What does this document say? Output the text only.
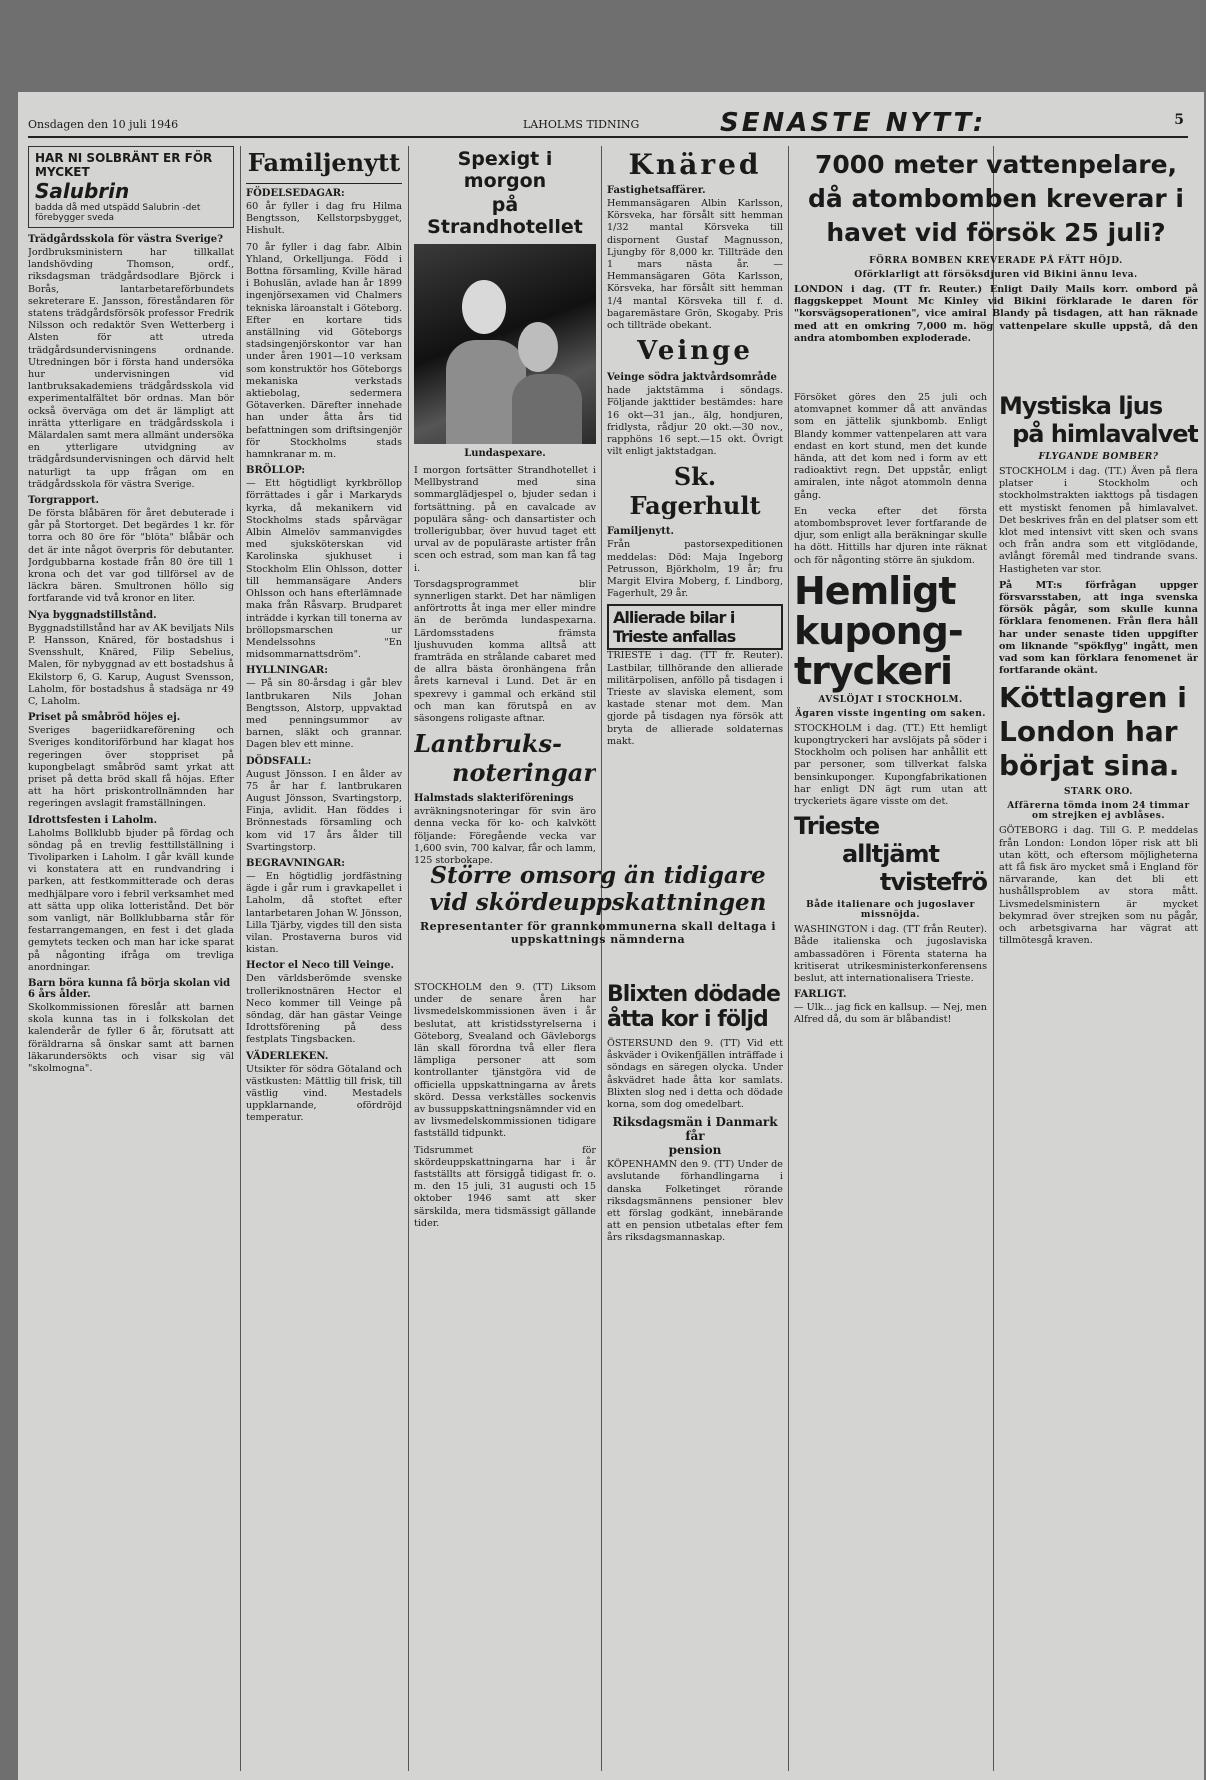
Onsdagen den 10 juli 1946	LAHOLMS TIDNING	SENASTE NYTT:	5
HAR NI SOLBRÄNT ER FÖR MYCKET
Salubrin
badda då med utspädd Salubrin -det förebygger sveda
Trädgårdsskola för västra Sverige?

Jordbruksministern har tillkallat landshövding Thomson, ordf., riksdagsman trädgårdsodlare Björck i Borås, lantarbetareförbundets sekreterare E. Jansson, föreståndaren för statens trädgårdsförsök professor Fredrik Nilsson och redaktör Sven Wetterberg i Alsten för att utreda trädgårdsundervisningens ordnande. Utredningen bör i första hand undersöka hur undervisningen vid lantbruksakademiens trädgårdsskola vid experimentalfältet bör ordnas. Man bör också överväga om det är lämpligt att inrätta ytterligare en trädgårdsskola i Mälardalen samt mera allmänt undersöka en ytterligare utvidgning av trädgårdsundervisningen och därvid helt naturligt ta upp frågan om en trädgårdsskola för västra Sverige.

Torgrapport.

De första blåbären för året debuterade i går på Stortorget. Det begärdes 1 kr. för torra och 80 öre för "blöta" blåbär och det är inte något överpris för debutanter. Jordgubbarna kostade från 80 öre till 1 krona och det var god tillförsel av de läckra bären. Smultronen höllo sig fortfarande vid två kronor en liter.

Nya byggnadstillstånd.

Byggnadstillstånd har av AK beviljats Nils P. Hansson, Knäred, för bostadshus i Svensshult, Knäred, Filip Sebelius, Malen, för nybyggnad av ett bostadshus å Ekilstorp 6, G. Karup, August Svensson, Laholm, för bostadshus å stadsäga nr 49 C, Laholm.

Priset på småbröd höjes ej.

Sveriges bageriidkareförening och Sveriges konditoriförbund har klagat hos regeringen över stoppriset på kupongbelagt småbröd samt yrkat att priset på detta bröd skall få höjas. Efter att ha hört priskontrollnämnden har regeringen avslagit framställningen.

Idrottsfesten i Laholm.

Laholms Bollklubb bjuder på fördag och söndag på en trevlig festtillställning i Tivoliparken i Laholm. I går kväll kunde vi konstatera att en rundvandring i parken, att festkommitterade och deras medhjälpare voro i febril verksamhet med att sätta upp olika lotteristånd. Det bör som vanligt, när Bollklubbarna står för festarrangemangen, en fest i det glada gemytets tecken och man har icke sparat på någonting ifråga om trevliga anordningar.

Barn böra kunna få börja skolan vid 6 års ålder.

Skolkommissionen föreslår att barnen skola kunna tas in i folkskolan det kalenderår de fyller 6 år, förutsatt att föräldrarna så önskar samt att barnen läkarundersökts och visar sig väl "skolmogna".

Familjenytt
FÖDELSEDAGAR:

60 år fyller i dag fru Hilma Bengtsson, Kellstorpsbygget, Hishult.

70 år fyller i dag fabr. Albin Yhland, Orkelljunga. Född i Bottna församling, Kville härad i Bohuslän, avlade han år 1899 ingenjörsexamen vid Chalmers tekniska läroanstalt i Göteborg. Efter en kortare tids anställning vid Göteborgs stadsingenjörskontor var han under åren 1901—10 verksam som konstruktör hos Göteborgs mekaniska verkstads aktiebolag, sedermera Götaverken. Därefter innehade han under åtta års tid befattningen som driftsingenjör för Stockholms stads hamnkranar m. m.

BRÖLLOP:

— Ett högtidligt kyrkbröllop förrättades i går i Markaryds kyrka, då mekanikern vid Stockholms stads spårvägar Albin Almelöv sammanvigdes med sjuksköterskan vid Karolinska sjukhuset i Stockholm Elin Ohlsson, dotter till hemmansägare Anders Ohlsson och hans efterlämnade maka från Råsvarp. Brudparet inträdde i kyrkan till tonerna av bröllopsmarschen ur Mendelssohns "En midsommarnattsdröm".

HYLLNINGAR:

— På sin 80-årsdag i går blev lantbrukaren Nils Johan Bengtsson, Alstorp, uppvaktad med penningsummor av barnen, släkt och grannar. Dagen blev ett minne.

DÖDSFALL:

August Jönsson. I en ålder av 75 år har f. lantbrukaren August Jönsson, Svartingstorp, Finja, avlidit. Han föddes i Brönnestads församling och kom vid 17 års ålder till Svartingstorp.

BEGRAVNINGAR:

— En högtidlig jordfästning ägde i går rum i gravkapellet i Laholm, då stoftet efter lantarbetaren Johan W. Jönsson, Lilla Tjärby, vigdes till den sista vilan. Prostaverna buros vid kistan.

Hector el Neco till Veinge.

Den världsberömde svenske trolleriknostnären Hector el Neco kommer till Veinge på söndag, där han gästar Veinge Idrottsförening på dess festplats Tingsbacken.

VÄDERLEKEN.

Utsikter för södra Götaland och västkusten: Mättlig till frisk, till västlig vind. Mestadels uppklarnande, ofördröjd temperatur.

Spexigt i morgon
på Strandhotellet
Lundaspexare.

I morgon fortsätter Strandhotellet i Mellbystrand med sina sommarglädjespel o, bjuder sedan i fortsättning. på en cavalcade av populära sång- och dansartister och trollerigubbar, över huvud taget ett urval av de populäraste artister från scen och estrad, som man kan få tag i.

Torsdagsprogrammet blir synnerligen starkt. Det har nämligen anförtrotts åt inga mer eller mindre än de berömda lundaspexarna. Lärdomsstadens främsta ljushuvuden komma alltså att framträda en strålande cabaret med de allra bästa öronhängena från årets karneval i Lund. Det är en spexrevy i gammal och erkänd stil och man kan förutspå en av säsongens roligaste aftnar.

Lantbruks-
noteringar
Halmstads slakteriförenings

avräkningsnoteringar för svin äro denna vecka för ko- och kalvkött följande: Föregående vecka var 1,600 svin, 700 kalvar, får och lamm, 125 storbokape.

Större omsorg än tidigare
vid skördeuppskattningen
Representanter för grannkommunerna skall deltaga i uppskattnings nämnderna

STOCKHOLM den 9. (TT) Liksom under de senare åren har livsmedelskommissionen även i år beslutat, att kristidsstyrelserna i Göteborg, Svealand och Gävleborgs län skall förordna två eller flera lämpliga personer att som kontrollanter tjänstgöra vid de officiella uppskattningarna av årets skörd. Dessa verkställes sockenvis av bussuppskattningsnämnder vid en av livsmedelskommissionen tidigare fastställd tidpunkt.

Tidsrummet för skördeuppskattningarna har i år fastställts att försiggå tidigast fr. o. m. den 15 juli, 31 augusti och 15 oktober 1946 samt att sker särskilda, mera tidsmässigt gällande tider.

Knäred
Fastighetsaffärer.

Hemmansägaren Albin Karlsson, Körsveka, har försålt sitt hemman 1/32 mantal Körsveka till dispornent Gustaf Magnusson, Ljungby för 8,000 kr. Tillträde den 1 mars nästa år. — Hemmansägaren Göta Karlsson, Körsveka, har försålt sitt hemman 1/4 mantal Körsveka till f. d. bagaremästare Grön, Skogaby. Pris och tillträde obekant.

Veinge
Veinge södra jaktvårdsområde

hade jaktstämma i söndags. Följande jakttider bestämdes: hare 16 okt—31 jan., älg, hondjuren, fridlysta, rådjur 20 okt.—30 nov., rapphöns 16 sept.—15 okt. Övrigt vilt enligt jaktstadgan.

Sk. Fagerhult
Familjenytt.

Från pastorsexpeditionen meddelas: Död: Maja Ingeborg Petrusson, Björkholm, 19 år; fru Margit Elvira Moberg, f. Lindborg, Fagerhult, 29 år.

Allierade bilar i
Trieste anfallas

TRIESTE i dag. (TT fr. Reuter). Lastbilar, tillhörande den allierade militärpolisen, anföllo på tisdagen i Trieste av slaviska element, som kastade stenar mot dem. Man gjorde på tisdagen nya försök att bryta de allierade soldaternas makt.

Blixten dödade
åtta kor i följd

ÖSTERSUND den 9. (TT) Vid ett åskväder i Ovikenfjällen inträffade i söndags en säregen olycka. Under åskvädret hade åtta kor samlats. Blixten slog ned i detta och dödade korna, som dog omedelbart.

Riksdagsmän i Danmark får
pension

KÖPENHAMN den 9. (TT) Under de avslutande förhandlingarna i danska Folketinget rörande riksdagsmännens pensioner blev ett förslag godkänt, innebärande att en pension utbetalas efter fem års riksdagsmannaskap.

7000 meter vattenpelare, då atombomben kreverar i havet vid försök 25 juli?
FÖRRA BOMBEN KREVERADE PÅ FÄTT HÖJD.
Oförklarligt att försöksdjuren vid Bikini ännu leva.

LONDON i dag. (TT fr. Reuter.) Enligt Daily Mails korr. ombord på flaggskeppet Mount Mc Kinley vid Bikini förklarade le daren för "korsvägsoperationen", vice amiral Blandy på tisdagen, att han räknade med att en omkring 7,000 m. hög vattenpelare skulle uppstå, då den andra atombomben exploderade.

Försöket göres den 25 juli och atomvapnet kommer då att användas som en jättelik sjunkbomb. Enligt Blandy kommer vattenpelaren att vara endast en kort stund, men det kunde hända, att det kom ned i form av ett radioaktivt regn. Det uppstår, enligt amiralen, inte något atommoln denna gång.

En vecka efter det första atombombsprovet lever fortfarande de djur, som enligt alla beräkningar skulle ha dött. Hittills har djuren inte räknat och för någonting större än sjukdom.

Hemligt
kupong-
tryckeri
AVSLÖJAT I STOCKHOLM.
Ägaren visste ingenting om saken.

STOCKHOLM i dag. (TT.) Ett hemligt kupongtryckeri har avslöjats på söder i Stockholm och polisen har anhållit ett par personer, som tillverkat falska bensinkuponger. Kupongfabrikationen har enligt DN ägt rum utan att tryckeriets ägare visste om det.

Trieste
alltjämt
tvistefrö
Både italienare och jugoslaver missnöjda.

WASHINGTON i dag. (TT från Reuter). Både italienska och jugoslaviska ambassadören i Förenta staterna ha kritiserat utrikesministerkonferensens beslut, att internationalisera Trieste.

FARLIGT.

— Ulk... jag fick en kallsup. — Nej, men Alfred då, du som är blåbandist!

Mystiska ljus
på himlavalvet
FLYGANDE BOMBER?

STOCKHOLM i dag. (TT.) Även på flera platser i Stockholm och stockholmstrakten iakttogs på tisdagen ett mystiskt fenomen på himlavalvet. Det beskrives från en del platser som ett klot med intensivt vitt sken och svans och från andra som ett vitglödande, avlångt föremål med tindrande svans. Hastigheten var stor.

På MT:s förfrågan uppger försvarsstaben, att inga svenska försök pågår, som skulle kunna förklara fenomenen. Från flera håll har under senaste tiden uppgifter om liknande "spökflyg" ingått, men vad som kan förklara fenomenet är fortfarande okänt.

Köttlagren i
London har
börjat sina.
STARK ORO.
Affärerna tömda inom 24 timmar om strejken ej avblåses.

GÖTEBORG i dag. Till G. P. meddelas från London: London löper risk att bli utan kött, och eftersom möjligheterna att få fisk äro mycket små i England för närvarande, kan det bli ett hushållsproblem av stora mått. Livsmedelsministern är mycket bekymrad över strejken som nu pågår, och arbetsgivarna har vägrat att tillmötesgå kraven.
